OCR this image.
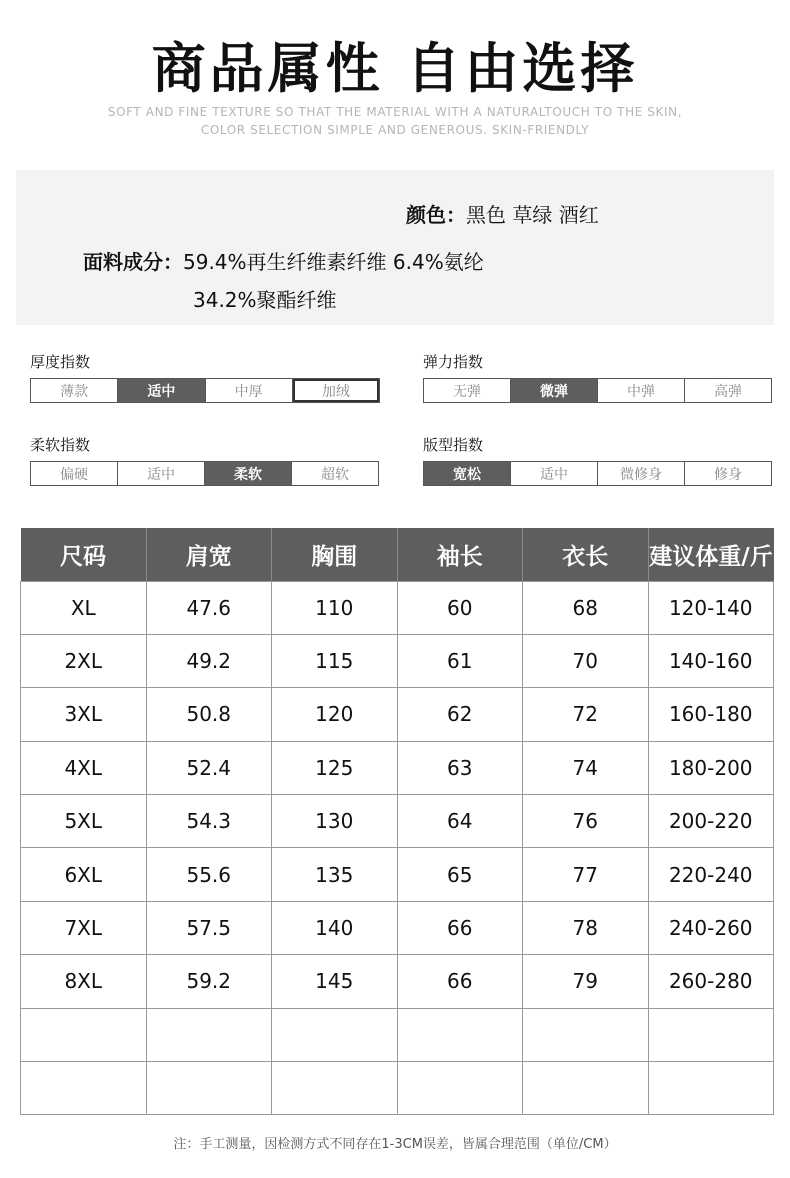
商品属性 自由选择
SOFT AND FINE TEXTURE SO THAT THE MATERIAL WITH A NATURALTOUCH TO THE SKIN,
COLOR SELECTION SIMPLE AND GENEROUS. SKIN-FRIENDLY
颜色：黑色 草绿 酒红
面料成分：59.4%再生纤维素纤维 6.4%氨纶
34.2%聚酯纤维
厚度指数
薄款	适中	中厚	加绒
弹力指数
无弹	微弹	中弹	高弹
柔软指数
偏硬	适中	柔软	超软
版型指数
宽松	适中	微修身	修身
尺码	肩宽	胸围	袖长	衣长	建议体重/斤
XL	47.6	110	60	68	120-140
2XL	49.2	115	61	70	140-160
3XL	50.8	120	62	72	160-180
4XL	52.4	125	63	74	180-200
5XL	54.3	130	64	76	200-220
6XL	55.6	135	65	77	220-240
7XL	57.5	140	66	78	240-260
8XL	59.2	145	66	79	260-280

注：手工测量，因检测方式不同存在1-3CM误差，皆属合理范围（单位/CM）
